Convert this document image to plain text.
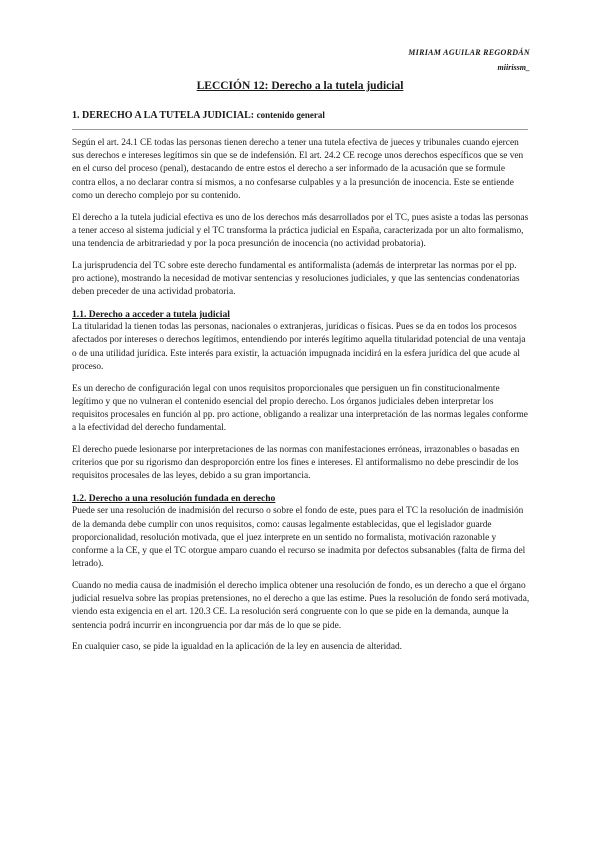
MIRIAM AGUILAR REGORDÁN
miirissm_
LECCIÓN 12: Derecho a la tutela judicial
1. DERECHO A LA TUTELA JUDICIAL: contenido general

Según el art. 24.1 CE todas las personas tienen derecho a tener una tutela efectiva de jueces y tribunales cuando ejercen sus derechos e intereses legítimos sin que se de indefensión. El art. 24.2 CE recoge unos derechos específicos que se ven en el curso del proceso (penal), destacando de entre estos el derecho a ser informado de la acusación que se formule contra ellos, a no declarar contra sí mismos, a no confesarse culpables y a la presunción de inocencia. Este se entiende como un derecho complejo por su contenido.

El derecho a la tutela judicial efectiva es uno de los derechos más desarrollados por el TC, pues asiste a todas las personas a tener acceso al sistema judicial y el TC transforma la práctica judicial en España, caracterizada por un alto formalismo, una tendencia de arbitrariedad y por la poca presunción de inocencia (no actividad probatoria).

La jurisprudencia del TC sobre este derecho fundamental es antiformalista (además de interpretar las normas por el pp. pro actione), mostrando la necesidad de motivar sentencias y resoluciones judiciales, y que las sentencias condenatorias deben preceder de una actividad probatoria.

1.1. Derecho a acceder a tutela judicial

La titularidad la tienen todas las personas, nacionales o extranjeras, jurídicas o físicas. Pues se da en todos los procesos afectados por intereses o derechos legítimos, entendiendo por interés legítimo aquella titularidad potencial de una ventaja o de una utilidad jurídica. Este interés para existir, la actuación impugnada incidirá en la esfera jurídica del que acude al proceso.

Es un derecho de configuración legal con unos requisitos proporcionales que persiguen un fin constitucionalmente legítimo y que no vulneran el contenido esencial del propio derecho. Los órganos judiciales deben interpretar los requisitos procesales en función al pp. pro actione, obligando a realizar una interpretación de las normas legales conforme a la efectividad del derecho fundamental.

El derecho puede lesionarse por interpretaciones de las normas con manifestaciones erróneas, irrazonables o basadas en criterios que por su rigorismo dan desproporción entre los fines e intereses. El antiformalismo no debe prescindir de los requisitos procesales de las leyes, debido a su gran importancia.

1.2. Derecho a una resolución fundada en derecho

Puede ser una resolución de inadmisión del recurso o sobre el fondo de este, pues para el TC la resolución de inadmisión de la demanda debe cumplir con unos requisitos, como: causas legalmente establecidas, que el legislador guarde proporcionalidad, resolución motivada, que el juez interprete en un sentido no formalista, motivación razonable y conforme a la CE, y que el TC otorgue amparo cuando el recurso se inadmita por defectos subsanables (falta de firma del letrado).

Cuando no media causa de inadmisión el derecho implica obtener una resolución de fondo, es un derecho a que el órgano judicial resuelva sobre las propias pretensiones, no el derecho a que las estime. Pues la resolución de fondo será motivada, viendo esta exigencia en el art. 120.3 CE. La resolución será congruente con lo que se pide en la demanda, aunque la sentencia podrá incurrir en incongruencia por dar más de lo que se pide.

En cualquier caso, se pide la igualdad en la aplicación de la ley en ausencia de alteridad.
